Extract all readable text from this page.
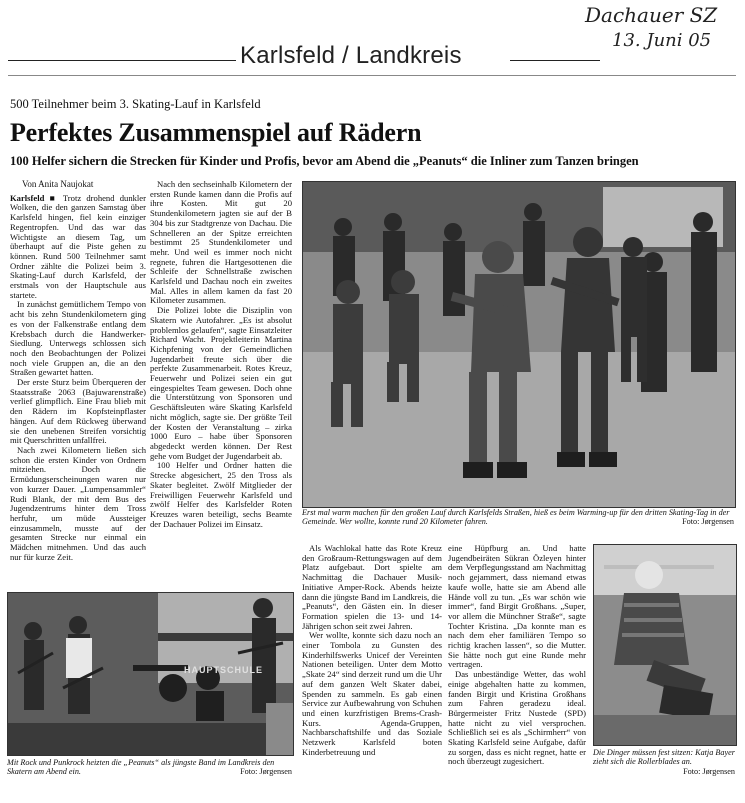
Dachauer SZ
13. Juni 05
Karlsfeld / Landkreis
500 Teilnehmer beim 3. Skating-Lauf in Karlsfeld
Perfektes Zusammenspiel auf Rädern
100 Helfer sichern die Strecken für Kinder und Profis, bevor am Abend die „Peanuts“ die Inliner zum Tanzen bringen
Von Anita Naujokat

Karlsfeld ■ Trotz drohend dunkler Wolken, die den ganzen Samstag über Karlsfeld hingen, fiel kein einziger Regentropfen. Und das war das Wichtigste an diesem Tag, um überhaupt auf die Piste gehen zu können. Rund 500 Teilnehmer samt Ordner zählte die Polizei beim 3. Skating-Lauf durch Karlsfeld, der erstmals von der Hauptschule aus startete.

In zunächst gemütlichem Tempo von acht bis zehn Stundenkilometern ging es von der Falkenstraße entlang dem Krebsbach durch die Handwerker-Siedlung. Unterwegs schlossen sich noch den Beobachtungen der Polizei noch viele Gruppen an, die an den Straßen gewartet hatten.

Der erste Sturz beim Überqueren der Staatsstraße 2063 (Bajuwarenstraße) verlief glimpflich. Eine Frau blieb mit den Rädern im Kopfsteinpflaster hängen. Auf dem Rückweg überwand sie den unebenen Streifen vorsichtig mit Querschritten unfallfrei.

Nach zwei Kilometern ließen sich schon die ersten Kinder von Ordnern mitziehen. Doch die Ermüdungserscheinungen waren nur von kurzer Dauer. „Lumpensammler“ Rudi Blank, der mit dem Bus des Jugendzentrums hinter dem Tross herfuhr, um müde Aussteiger einzusammeln, musste auf der gesamten Strecke nur einmal ein Mädchen mitnehmen. Und das auch nur für kurze Zeit.

Nach den sechseinhalb Kilometern der ersten Runde kamen dann die Profis auf ihre Kosten. Mit gut 20 Stundenkilometern jagten sie auf der B 304 bis zur Stadtgrenze von Dachau. Die Schnelleren an der Spitze erreichten bestimmt 25 Stundenkilometer und mehr. Und weil es immer noch nicht regnete, fuhren die Hartgesottenen die Schleife der Schnellstraße zwischen Karlsfeld und Dachau noch ein zweites Mal. Alles in allem kamen da fast 20 Kilometer zusammen.

Die Polizei lobte die Disziplin von Skatern wie Autofahrer. „Es ist absolut problemlos gelaufen“, sagte Einsatzleiter Richard Wacht. Projektleiterin Martina Kichpfening von der Gemeindlichen Jugendarbeit freute sich über die perfekte Zusammenarbeit. Rotes Kreuz, Feuerwehr und Polizei seien ein gut eingespieltes Team gewesen. Doch ohne die Unterstützung von Sponsoren und Geschäftsleuten wäre Skating Karlsfeld nicht möglich, sagte sie. Der größte Teil der Kosten der Veranstaltung – zirka 1000 Euro – habe über Sponsoren abgedeckt werden können. Der Rest gehe vom Budget der Jugendarbeit ab.

100 Helfer und Ordner hatten die Strecke abgesichert, 25 den Tross als Skater begleitet. Zwölf Mitglieder der Freiwilligen Feuerwehr Karlsfeld und zwölf Helfer des Karlsfelder Roten Kreuzes waren beteiligt, sechs Beamte der Dachauer Polizei im Einsatz.

Erst mal warm machen für den großen Lauf durch Karlsfelds Straßen, hieß es beim Warming-up für den dritten Skating-Tag in der Gemeinde. Wer wollte, konnte rund 20 Kilometer fahren.	Foto: Jørgensen

Als Wachlokal hatte das Rote Kreuz den Großraum-Rettungswagen auf dem Platz aufgebaut. Dort spielte am Nachmittag die Dachauer Musik-Initiative Amper-Rock. Abends heizte dann die jüngste Band im Landkreis, die „Peanuts“, den Gästen ein. In dieser Formation spielen die 13- und 14-Jährigen schon seit zwei Jahren.

Wer wollte, konnte sich dazu noch an einer Tombola zu Gunsten des Kinderhilfswerks Unicef der Vereinten Nationen beteiligen. Unter dem Motto „Skate 24“ sind derzeit rund um die Uhr auf dem ganzen Welt Skater dabei, Spenden zu sammeln. Es gab einen Service zur Aufbewahrung von Schuhen und einen kurzfristigen Brems-Crash-Kurs. Agenda-Gruppen, Nachbarschaftshilfe und das Soziale Netzwerk Karlsfeld boten Kinderbetreuung und

eine Hüpfburg an. Und hatte Jugendbeiräten Sükran Özleyen hinter dem Verpflegungsstand am Nachmittag noch gejammert, dass niemand etwas kaufe wolle, hatte sie am Abend alle Hände voll zu tun. „Es war schön wie immer“, fand Birgit Großhans. „Super, vor allem die Münchner Straße“, sagte Tochter Kristina. „Da konnte man es nach dem eher familiären Tempo so richtig krachen lassen“, so die Mutter. Sie hätte noch gut eine Runde mehr vertragen.

Das unbeständige Wetter, das wohl einige abgehalten hatte zu kommen, fanden Birgit und Kristina Großhans zum Fahren geradezu ideal. Bürgermeister Fritz Nustede (SPD) hatte nicht zu viel versprochen. Schließlich sei es als „Schirmherr“ von Skating Karlsfeld seine Aufgabe, dafür zu sorgen, dass es nicht regnet, hatte er noch überzeugt zugesichert.

HAUPTSCHULE
Mit Rock und Punkrock heizten die „Peanuts“ als jüngste Band im Landkreis den Skatern am Abend ein.	Foto: Jørgensen
Die Dinger müssen fest sitzen: Katja Bayer zieht sich die Rollerblades an.
Foto: Jørgensen
